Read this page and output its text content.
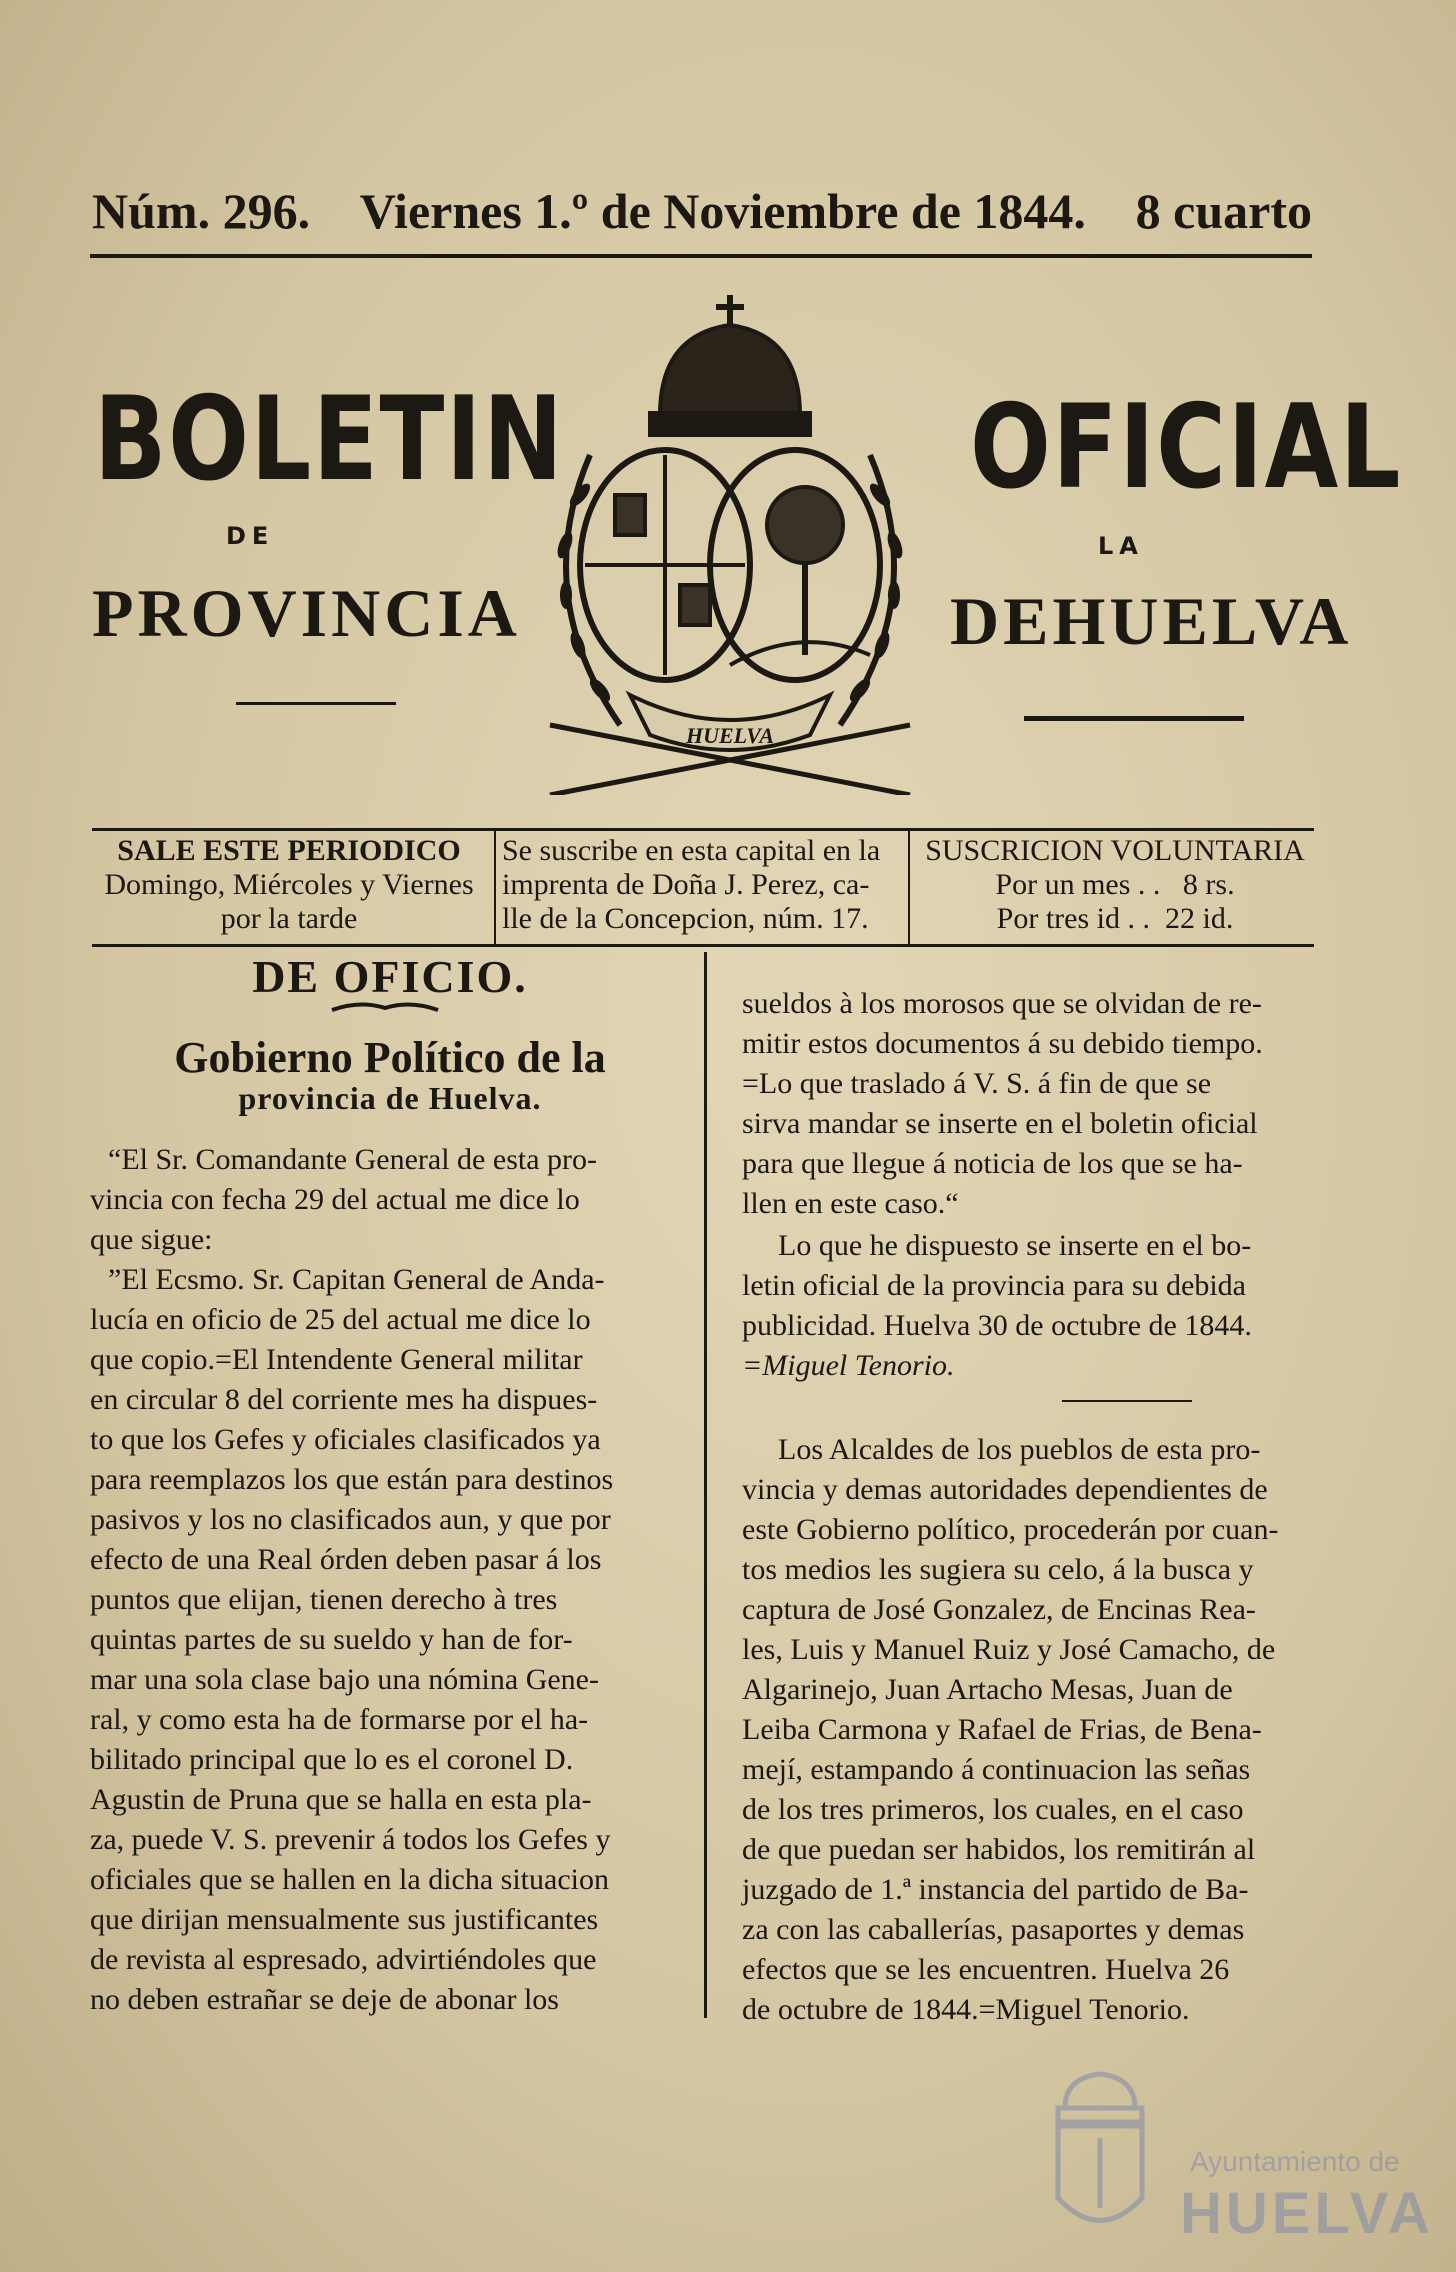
Núm. 296. Viernes 1.º de Noviembre de 1844. 8 cuarto
BOLETIN	OFICIAL
DE	LA
PROVINCIA	DEHUELVA
HUELVA
SALE ESTE PERIODICO
Domingo, Miércoles y Viernes
por la tarde
Se suscribe en esta capital en la
imprenta de Doña J. Perez, ca-
lle de la Concepcion, núm. 17.
SUSCRICION VOLUNTARIA
Por un mes . .   8 rs.
Por tres id . .  22 id.
DE OFICIO.
Gobierno Político de la
provincia de Huelva.
“El Sr. Comandante General de esta pro-
vincia con fecha 29 del actual me dice lo
que sigue:
”El Ecsmo. Sr. Capitan General de Anda-
lucía en oficio de 25 del actual me dice lo
que copio.=El Intendente General militar
en circular 8 del corriente mes ha dispues-
to que los Gefes y oficiales clasificados ya
para reemplazos los que están para destinos
pasivos y los no clasificados aun, y que por
efecto de una Real órden deben pasar á los
puntos que elijan, tienen derecho à tres
quintas partes de su sueldo y han de for-
mar una sola clase bajo una nómina Gene-
ral, y como esta ha de formarse por el ha-
bilitado principal que lo es el coronel D.
Agustin de Pruna que se halla en esta pla-
za, puede V. S. prevenir á todos los Gefes y
oficiales que se hallen en la dicha situacion
que dirijan mensualmente sus justificantes
de revista al espresado, advirtiéndoles que
no deben estrañar se deje de abonar los
sueldos à los morosos que se olvidan de re-
mitir estos documentos á su debido tiempo.
=Lo que traslado á V. S. á fin de que se
sirva mandar se inserte en el boletin oficial
para que llegue á noticia de los que se ha-
llen en este caso.“
Lo que he dispuesto se inserte en el bo-
letin oficial de la provincia para su debida
publicidad. Huelva 30 de octubre de 1844.
=Miguel Tenorio.
Los Alcaldes de los pueblos de esta pro-
vincia y demas autoridades dependientes de
este Gobierno político, procederán por cuan-
tos medios les sugiera su celo, á la busca y
captura de José Gonzalez, de Encinas Rea-
les, Luis y Manuel Ruiz y José Camacho, de
Algarinejo, Juan Artacho Mesas, Juan de
Leiba Carmona y Rafael de Frias, de Bena-
mejí, estampando á continuacion las señas
de los tres primeros, los cuales, en el caso
de que puedan ser habidos, los remitirán al
juzgado de 1.ª instancia del partido de Ba-
za con las caballerías, pasaportes y demas
efectos que se les encuentren. Huelva 26
de octubre de 1844.=Miguel Tenorio.
Ayuntamiento de
HUELVA
